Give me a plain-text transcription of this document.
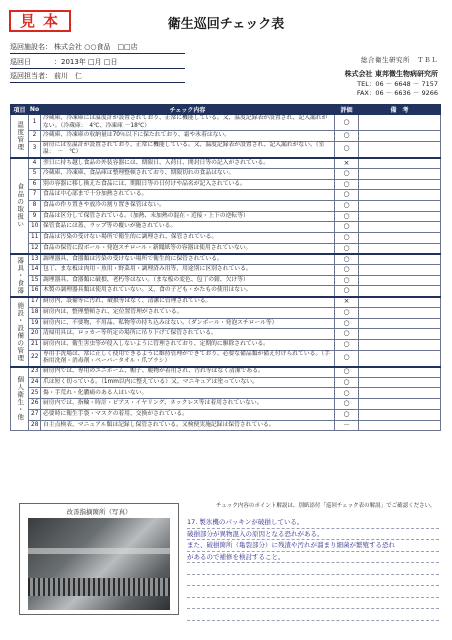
見本	衛生巡回チェック表
巡回施設名： 株式会社 ○○食品　□□店
巡回日	：2013年 □月 □日
巡回担当者： 前川　仁
総合衛生研究所　ＴＢＬ
株式会社 東邦微生物病研究所
TEL：06 － 6648 － 7157
FAX：06 － 6636 － 9266
項目	No	チェック内容	評価	備　考
温度管理	1	冷蔵庫、冷凍庫には温度計が設置されており、正常に機能している。又、温度記録表が設置され、記入漏れがない。（冷蔵庫：　4℃、冷凍庫 －18℃）	○	
	2	冷蔵庫、冷凍庫の収納量は70％以下に保たれており、霜や氷着はない。	○	
	3	厨房には室温計が設置されており、正常に機能している。又、温度記録表が設置され、記入漏れがない。（室温：　－　℃）	○	
食品の取扱い	4	翌日に持ち越し食品の外装容器には、期限日、入荷日、開封日等の記入がされている。	×	
	5	冷蔵庫、冷凍庫、食品庫は整理整頓されており、期限切れの食品はない。	○	
	6	別の容器に移し換えた食品には、期限日等の日付けや品名が記入されている。	○	
	7	食品は中心部まで十分加熱されている。	○	
	8	食品の作り置きや放冷の割り置き保管はない。	○	
	9	食品は区分して保管されている。（加熱、未加熱の混在・近接・上下の逆転等）	○	
	10	保管食品には蓋、ラップ等の覆いが施されている。	○	
	11	食品は汚染の受けない場所で衛生的に調理され、保管されている。	○	
	12	食品の保管に段ボール・発泡スチロール・新聞紙等の容器は使用されていない。	○	
器具・食器	13	調理器具、食器類は汚染の受けない場所で衛生的に保管されている。	○	
	14	包丁、まな板は肉用・魚用・野菜用・調理済み用等、用途別に区別されている。	○	
	15	調理器具、食器類に破損、老朽等はない。（まな板の変色、包丁の錆、欠け等）	○	
	16	木製の調理器具類は使用されていない。又、食の子ども・かたもの使用はない。	○	
施設・設備の管理	17	厨房内、設備等に汚れ、破損等はなく、清潔に管理されている。	×	
	18	厨房内は、整理整頓され、定位置管理がされている。	○	
	19	厨房内に、不要物、不用品、私物等の持ち込みはない。（ダンボール・発泡スチロール等）	○	
	20	清掃用具は、ロッカー等所定の場所に吊り下げて保管されている。	○	
	21	厨房内は、衛生害虫等が侵入しないように管理されており、定期的に駆除されている。	○	
	22	専用手洗場は、常に正しく使用できるように維持管理ができており、必要な備品類が備え付けられている。（手指用洗剤・消毒剤・ペーパータオル・爪ブラシ）	○	
個人衛生・他	23	厨房内では、専用のユニホーム、帽子、履物が着用され、汚れ等はなく清潔である。	○	
	24	爪は短く切っている。（1mm以内に整えている）又、マニキュアは塗っていない。	○	
	25	傷・手荒れ・化膿痛のある人はいない。	○	
	26	厨房内では、指輪・時計・ピアス・イヤリング、ネックレス等は着用されていない。	○	
	27	必要時に衛生手袋・マスクの着用、交換がされている。	○	
	28	自主点検表、マニュアル類は記録し保管されている。又検便実施記録は保管されている。	－	
チェック内容のポイント解説は、別紙添付「巡回チェック表の解説」でご確認ください。
改善指摘箇所（写真）
17. 製氷機のパッキンが破損している。
破損部分が異物混入の原因となる恐れがある。
また、破損箇所（亀裂部分）に残渣や汚れが溜まり細菌が繁殖する恐れ
があるので補修を検討すること。
